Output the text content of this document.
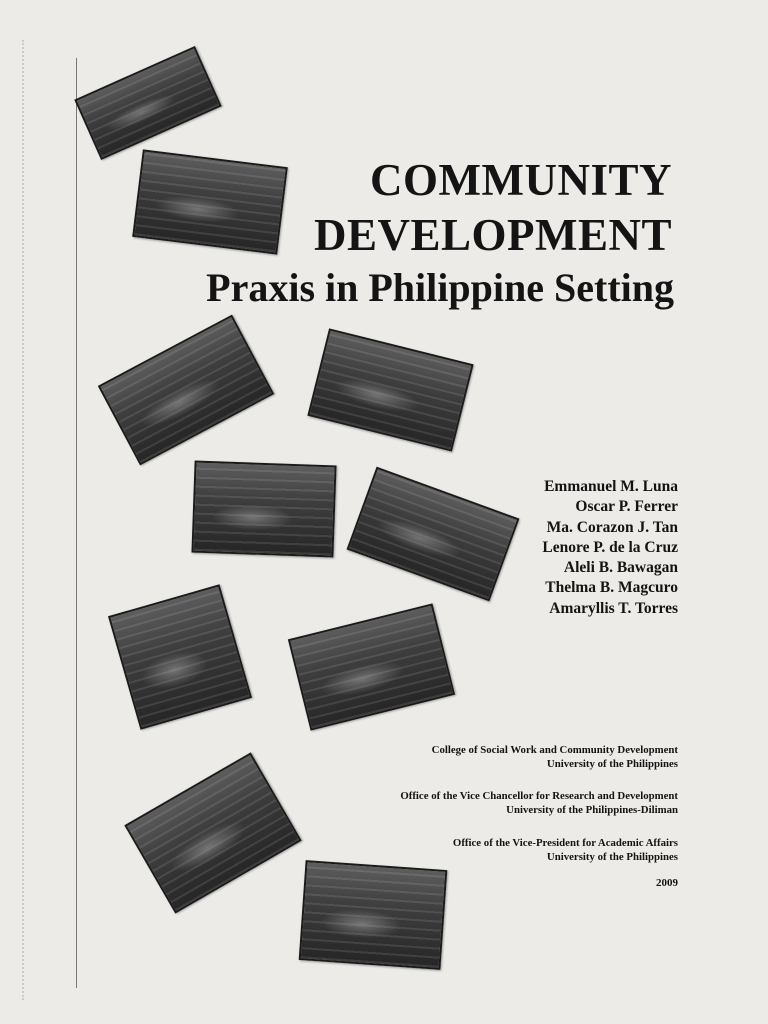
COMMUNITY
DEVELOPMENT
Praxis in Philippine Setting
Emmanuel M. Luna
Oscar P. Ferrer
Ma. Corazon J. Tan
Lenore P. de la Cruz
Aleli B. Bawagan
Thelma B. Magcuro
Amaryllis T. Torres
College of Social Work and Community Development
University of the Philippines
Office of the Vice Chancellor for Research and Development
University of the Philippines-Diliman
Office of the Vice-President for Academic Affairs
University of the Philippines
2009
